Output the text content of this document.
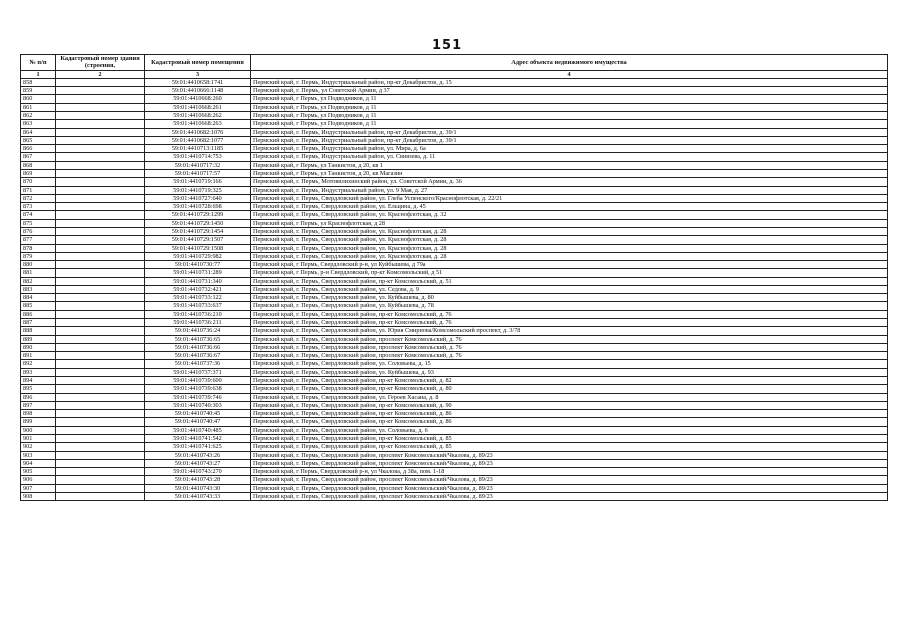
151
№ п/п	Кадастровый номер здания (строения,	Кадастровый номер помещения	Адрес объекта недвижимого имущества
1	2	3	4
858		59:01:4410658:1741	Пермский край, г. Пермь, Индустриальный район, пр-кт Декабристов, д. 15
859		59:01:4410666:1148	Пермский край, г. Пермь, ул Советской Армии, д 37
860		59:01:4410668:260	Пермский край, г Пермь, ул Подводников, д 11
861		59:01:4410668:261	Пермский край, г Пермь, ул Подводников, д 11
862		59:01:4410668:262	Пермский край, г Пермь, ул Подводников, д 11
863		59:01:4410668:263	Пермский край, г Пермь, ул Подводников, д 11
864		59:01:4410682:1076	Пермский край, г. Пермь, Индустриальный район, пр-кт Декабристов, д. 39/1
865		59:01:4410682:1077	Пермский край, г. Пермь, Индустриальный район, пр-кт Декабристов, д. 39/1
866		59:01:4410713:1185	Пермский край, г. Пермь, Индустриальный район, ул. Мира, д. 6а
867		59:01:4410714:753	Пермский край, г. Пермь, Индустриальный район, ул. Свиязева, д. 11
868		59:01:4410717:32	Пермский край, г Пермь, ул Танкистов, д 20, кв 1
869		59:01:4410717:57	Пермский край, г Пермь, ул Танкистов, д 20, кв Магазин
870		59:01:4410719:166	Пермский край, г. Пермь, Мотовилихинский район, ул. Советской Армии, д. 36
871		59:01:4410719:325	Пермский край, г. Пермь, Индустриальный район, ул. 9 Мая, д. 27
872		59:01:4410727:640	Пермский край, г. Пермь, Свердловский район, ул. Глеба Успенского/Краснофлотская, д. 22/21
873		59:01:4410728:698	Пермский край, г. Пермь, Свердловский район, ул. Ельцина, д. 45
874		59:01:4410729:1299	Пермский край, г. Пермь, Свердловский район, ул. Краснофлотская, д. 32
875		59:01:4410729:1450	Пермский край, г Пермь, ул Краснофлотская, д 28
876		59:01:4410729:1454	Пермский край, г. Пермь, Свердловский район, ул. Краснофлотская, д. 28
877		59:01:4410729:1507	Пермский край, г. Пермь, Свердловский район, ул. Краснофлотская, д. 28
878		59:01:4410729:1508	Пермский край, г. Пермь, Свердловский район, ул. Краснофлотская, д. 28
879		59:01:4410729:982	Пермский край, г. Пермь, Свердловский район, ул. Краснофлотская, д. 28
880		59:01:4410730:77	Пермский край, г Пермь, Свердловский р-н, ул Куйбышева, д 79а
881		59:01:4410731:289	Пермский край, г Пермь, р-н Свердловский, пр-кт Комсомольский, д 51
882		59:01:4410731:340	Пермский край, г. Пермь, Свердловский район, пр-кт Комсомольский, д. 51
883		59:01:4410732:421	Пермский край, г. Пермь, Свердловский район, ул. Седова, д. 9
884		59:01:4410733:122	Пермский край, г. Пермь, Свердловский район, ул. Куйбышева, д. 80
885		59:01:4410733:637	Пермский край, г. Пермь, Свердловский район, ул. Куйбышева, д. 78
886		59:01:4410736:210	Пермский край, г. Пермь, Свердловский район, пр-кт Комсомольский, д. 76
887		59:01:4410736:211	Пермский край, г. Пермь, Свердловский район, пр-кт Комсомольский, д. 76
888		59:01:4410736:24	Пермский край, г. Пермь, Свердловский район, ул. Юрия Смирнова/Комсомольский проспект, д. 3/78
889		59:01:4410736:65	Пермский край, г. Пермь, Свердловский район, проспект Комсомольский, д. 76
890		59:01:4410736:66	Пермский край, г. Пермь, Свердловский район, проспект Комсомольский, д. 76
891		59:01:4410736:67	Пермский край, г. Пермь, Свердловский район, проспект Комсомольский, д. 76
892		59:01:4410737:36	Пермский край, г. Пермь, Свердловский район, ул. Соловьева, д. 15
893		59:01:4410737:371	Пермский край, г. Пермь, Свердловский район, ул. Куйбышева, д. 93
894		59:01:4410739:600	Пермский край, г. Пермь, Свердловский район, пр-кт Комсомольский, д. 82
895		59:01:4410739:638	Пермский край, г. Пермь, Свердловский район, пр-кт Комсомольский, д. 80
896		59:01:4410739:746	Пермский край, г. Пермь, Свердловский район, ул. Героев Хасана, д. 8
897		59:01:4410740:303	Пермский край, г. Пермь, Свердловский район, пр-кт Комсомольский, д. 90
898		59:01:4410740:45	Пермский край, г. Пермь, Свердловский район, пр-кт Комсомольский, д. 86
899		59:01:4410740:47	Пермский край, г. Пермь, Свердловский район, пр-кт Комсомольский, д. 86
900		59:01:4410740:485	Пермский край, г. Пермь, Свердловский район, ул. Соловьева, д. 6
901		59:01:4410741:542	Пермский край, г. Пермь, Свердловский район, пр-кт Комсомольский, д. 85
902		59:01:4410741:625	Пермский край, г. Пермь, Свердловский район, пр-кт Комсомольский, д. 85
903		59:01:4410743:26	Пермский край, г. Пермь, Свердловский район, проспект Комсомольский/Чкалова, д. 89/23
904		59:01:4410743:27	Пермский край, г. Пермь, Свердловский район, проспект Комсомольский/Чкалова, д. 89/23
905		59:01:4410743:270	Пермский край, г Пермь, Свердловский р-н, ул Чкалова, д 38а, пом. 1-18
906		59:01:4410743:28	Пермский край, г. Пермь, Свердловский район, проспект Комсомольский/Чкалова, д. 89/23
907		59:01:4410743:30	Пермский край, г. Пермь, Свердловский район, проспект Комсомольский/Чкалова, д. 89/23
908		59:01:4410743:33	Пермский край, г. Пермь, Свердловский район, проспект Комсомольский/Чкалова, д. 89/23
